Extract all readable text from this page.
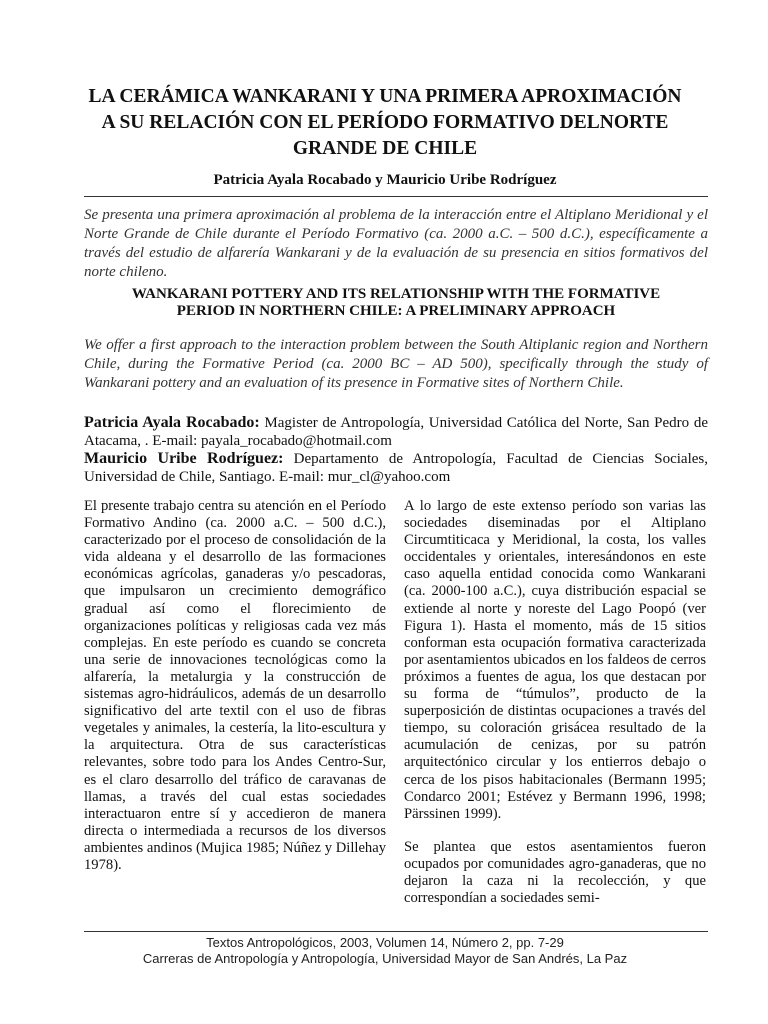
LA CERÁMICA WANKARANI Y UNA PRIMERA APROXIMACIÓN
A SU RELACIÓN CON EL PERÍODO FORMATIVO DELNORTE
GRANDE DE CHILE
Patricia Ayala Rocabado y Mauricio Uribe Rodríguez
Se presenta una primera aproximación al problema de la interacción entre el Altiplano Meridional y el Norte Grande de Chile durante el Período Formativo (ca. 2000 a.C. – 500 d.C.), específicamente a través del estudio de alfarería Wankarani y de la evaluación de su presencia en sitios formativos del norte chileno.
WANKARANI POTTERY AND ITS RELATIONSHIP WITH THE FORMATIVE
PERIOD IN NORTHERN CHILE: A PRELIMINARY APPROACH
We offer a first approach to the interaction problem between the South Altiplanic region and Northern Chile, during the Formative Period (ca. 2000 BC – AD 500), specifically through the study of Wankarani pottery and an evaluation of its presence in Formative sites of Northern Chile.
Patricia Ayala Rocabado: Magister de Antropología, Universidad Católica del Norte, San Pedro de Atacama, . E-mail: payala_rocabado@hotmail.com
Mauricio Uribe Rodríguez: Departamento de Antropología, Facultad de Ciencias Sociales, Universidad de Chile, Santiago. E-mail: mur_cl@yahoo.com

El presente trabajo centra su atención en el Período Formativo Andino (ca. 2000 a.C. – 500 d.C.), caracterizado por el proceso de consolidación de la vida aldeana y el desarrollo de las formaciones económicas agrícolas, ganaderas y/o pescadoras, que impulsaron un crecimiento demográfico gradual así como el florecimiento de organizaciones políticas y religiosas cada vez más complejas. En este período es cuando se concreta una serie de innovaciones tecnológicas como la alfarería, la metalurgia y la construcción de sistemas agro-hidráulicos, además de un desarrollo significativo del arte textil con el uso de fibras vegetales y animales, la cestería, la lito-escultura y la arquitectura. Otra de sus características relevantes, sobre todo para los Andes Centro-Sur, es el claro desarrollo del tráfico de caravanas de llamas, a través del cual estas sociedades interactuaron entre sí y accedieron de manera directa o intermediada a recursos de los diversos ambientes andinos (Mujica 1985; Núñez y Dillehay 1978).

A lo largo de este extenso período son varias las sociedades diseminadas por el Altiplano Circumtiticaca y Meridional, la costa, los valles occidentales y orientales, interesándonos en este caso aquella entidad conocida como Wankarani (ca. 2000-100 a.C.), cuya distribución espacial se extiende al norte y noreste del Lago Poopó (ver Figura 1). Hasta el momento, más de 15 sitios conforman esta ocupación formativa caracterizada por asentamientos ubicados en los faldeos de cerros próximos a fuentes de agua, los que destacan por su forma de “túmulos”, producto de la superposición de distintas ocupaciones a través del tiempo, su coloración grisácea resultado de la acumulación de cenizas, por su patrón arquitectónico circular y los entierros debajo o cerca de los pisos habitacionales (Bermann 1995; Condarco 2001; Estévez y Bermann 1996, 1998; Pärssinen 1999).

Se plantea que estos asentamientos fueron ocupados por comunidades agro-ganaderas, que no dejaron la caza ni la recolección, y que correspondían a sociedades semi-

Textos Antropológicos, 2003, Volumen 14, Número 2, pp. 7-29
Carreras de Antropología y Antropología, Universidad Mayor de San Andrés, La Paz
